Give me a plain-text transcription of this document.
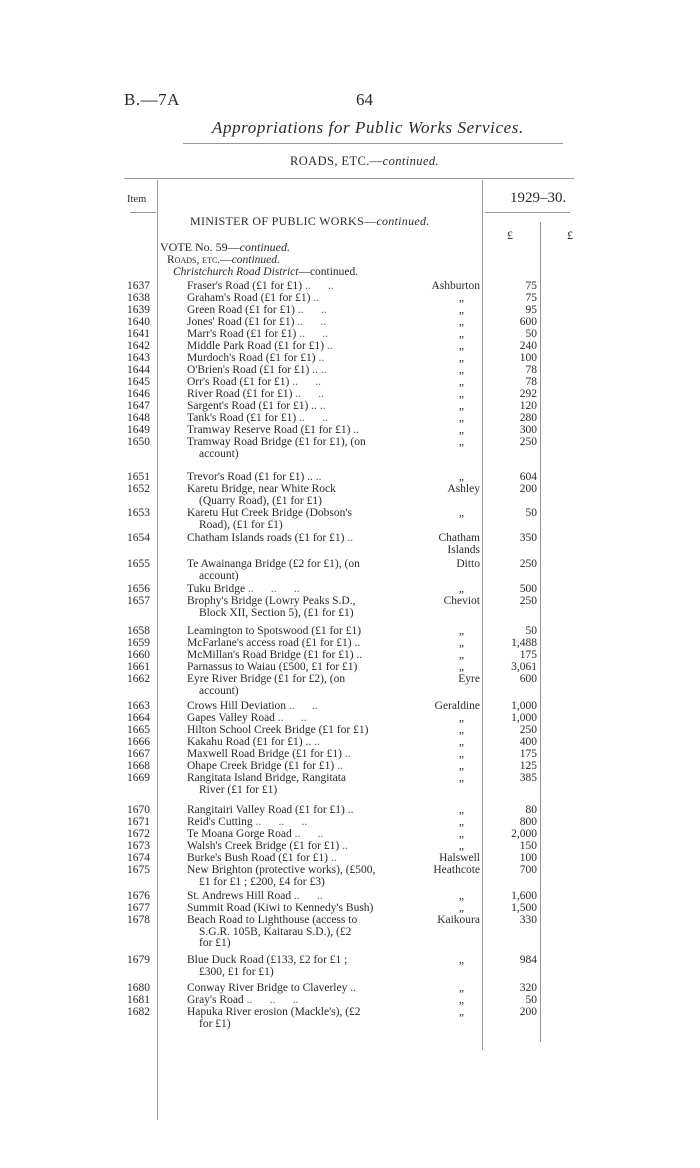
B.—7A	64
Appropriations for Public Works Services.
ROADS, ETC.—continued.
Item	1929–30.
£	£
MINISTER OF PUBLIC WORKS—continued.
VOTE No. 59—continued.
Roads, etc.—continued.
Christchurch Road District—continued.
1637	Fraser's Road (£1 for £1) ..      ..	Ashburton	75
1638	Graham's Road (£1 for £1) ..	„	75
1639	Green Road (£1 for £1) ..      ..	„	95
1640	Jones' Road (£1 for £1) ..      ..	„	600
1641	Marr's Road (£1 for £1) ..      ..	„	50
1642	Middle Park Road (£1 for £1) ..	„	240
1643	Murdoch's Road (£1 for £1) ..	„	100
1644	O'Brien's Road (£1 for £1) .. ..	„	78
1645	Orr's Road (£1 for £1) ..      ..	„	78
1646	River Road (£1 for £1) ..      ..	„	292
1647	Sargent's Road (£1 for £1) .. ..	„	120
1648	Tank's Road (£1 for £1) ..      ..	„	280
1649	Tramway Reserve Road (£1 for £1) ..	„	300
1650	Tramway Road Bridge (£1 for £1), (on
account)
„	250
1651	Trevor's Road (£1 for £1) .. ..	„	604
1652	Karetu Bridge, near White Rock
(Quarry Road), (£1 for £1)
Ashley	200
1653	Karetu Hut Creek Bridge (Dobson's
Road), (£1 for £1)
„	50
1654	Chatham Islands roads (£1 for £1) ..	Chatham
Islands
350
1655	Te Awainanga Bridge (£2 for £1), (on
account)
Ditto	250
1656	Tuku Bridge ..      ..      ..	„	500
1657	Brophy's Bridge (Lowry Peaks S.D.,
Block XII, Section 5), (£1 for £1)
Cheviot	250
1658	Leamington to Spotswood (£1 for £1)	„	50
1659	McFarlane's access road (£1 for £1) ..	„	1,488
1660	McMillan's Road Bridge (£1 for £1) ..	„	175
1661	Parnassus to Waiau (£500, £1 for £1)	„	3,061
1662	Eyre River Bridge (£1 for £2), (on
account)
Eyre	600
1663	Crows Hill Deviation ..      ..	Geraldine	1,000
1664	Gapes Valley Road ..      ..	„	1,000
1665	Hilton School Creek Bridge (£1 for £1)	„	250
1666	Kakahu Road (£1 for £1) .. ..	„	400
1667	Maxwell Road Bridge (£1 for £1) ..	„	175
1668	Ohape Creek Bridge (£1 for £1) ..	„	125
1669	Rangitata Island Bridge, Rangitata
River (£1 for £1)
„	385
1670	Rangitairi Valley Road (£1 for £1) ..	„	80
1671	Reid's Cutting ..      ..      ..	„	800
1672	Te Moana Gorge Road ..      ..	„	2,000
1673	Walsh's Creek Bridge (£1 for £1) ..	„	150
1674	Burke's Bush Road (£1 for £1) ..	Halswell	100
1675	New Brighton (protective works), (£500,
£1 for £1 ; £200, £4 for £3)
Heathcote	700
1676	St. Andrews Hill Road ..      ..	„	1,600
1677	Summit Road (Kiwi to Kennedy's Bush)	„	1,500
1678	Beach Road to Lighthouse (access to
S.G.R. 105B, Kaitarau S.D.), (£2
for £1)
Kaikoura	330
1679	Blue Duck Road (£133, £2 for £1 ;
£300, £1 for £1)
„	984
1680	Conway River Bridge to Claverley ..	„	320
1681	Gray's Road ..      ..      ..	„	50
1682	Hapuka River erosion (Mackle's), (£2
for £1)
„	200
